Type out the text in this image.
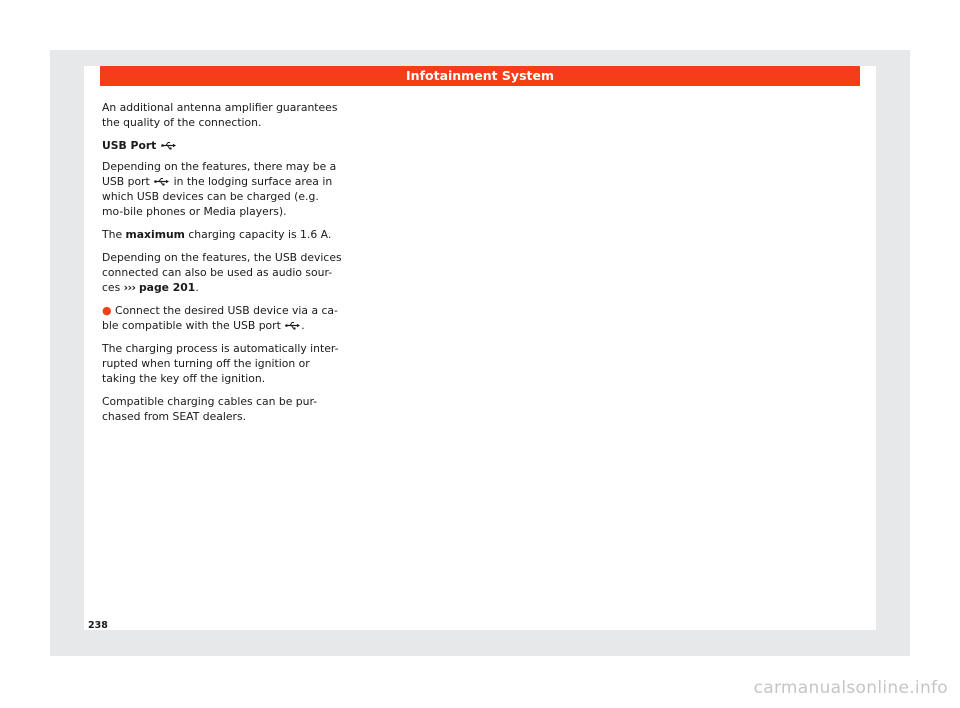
Infotainment System

An additional antenna amplifier guarantees the quality of the connection.

USB Port

Depending on the features, there may be a USB port  in the lodging surface area in which USB devices can be charged (e.g. mo-bile phones or Media players).

The maximum charging capacity is 1.6 A.

Depending on the features, the USB devices connected can also be used as audio sour-ces ››› page 201.

● Connect the desired USB device via a ca-ble compatible with the USB port .

The charging process is automatically inter-rupted when turning off the ignition or taking the key off the ignition.

Compatible charging cables can be pur-chased from SEAT dealers.

238
carmanualsonline.info
